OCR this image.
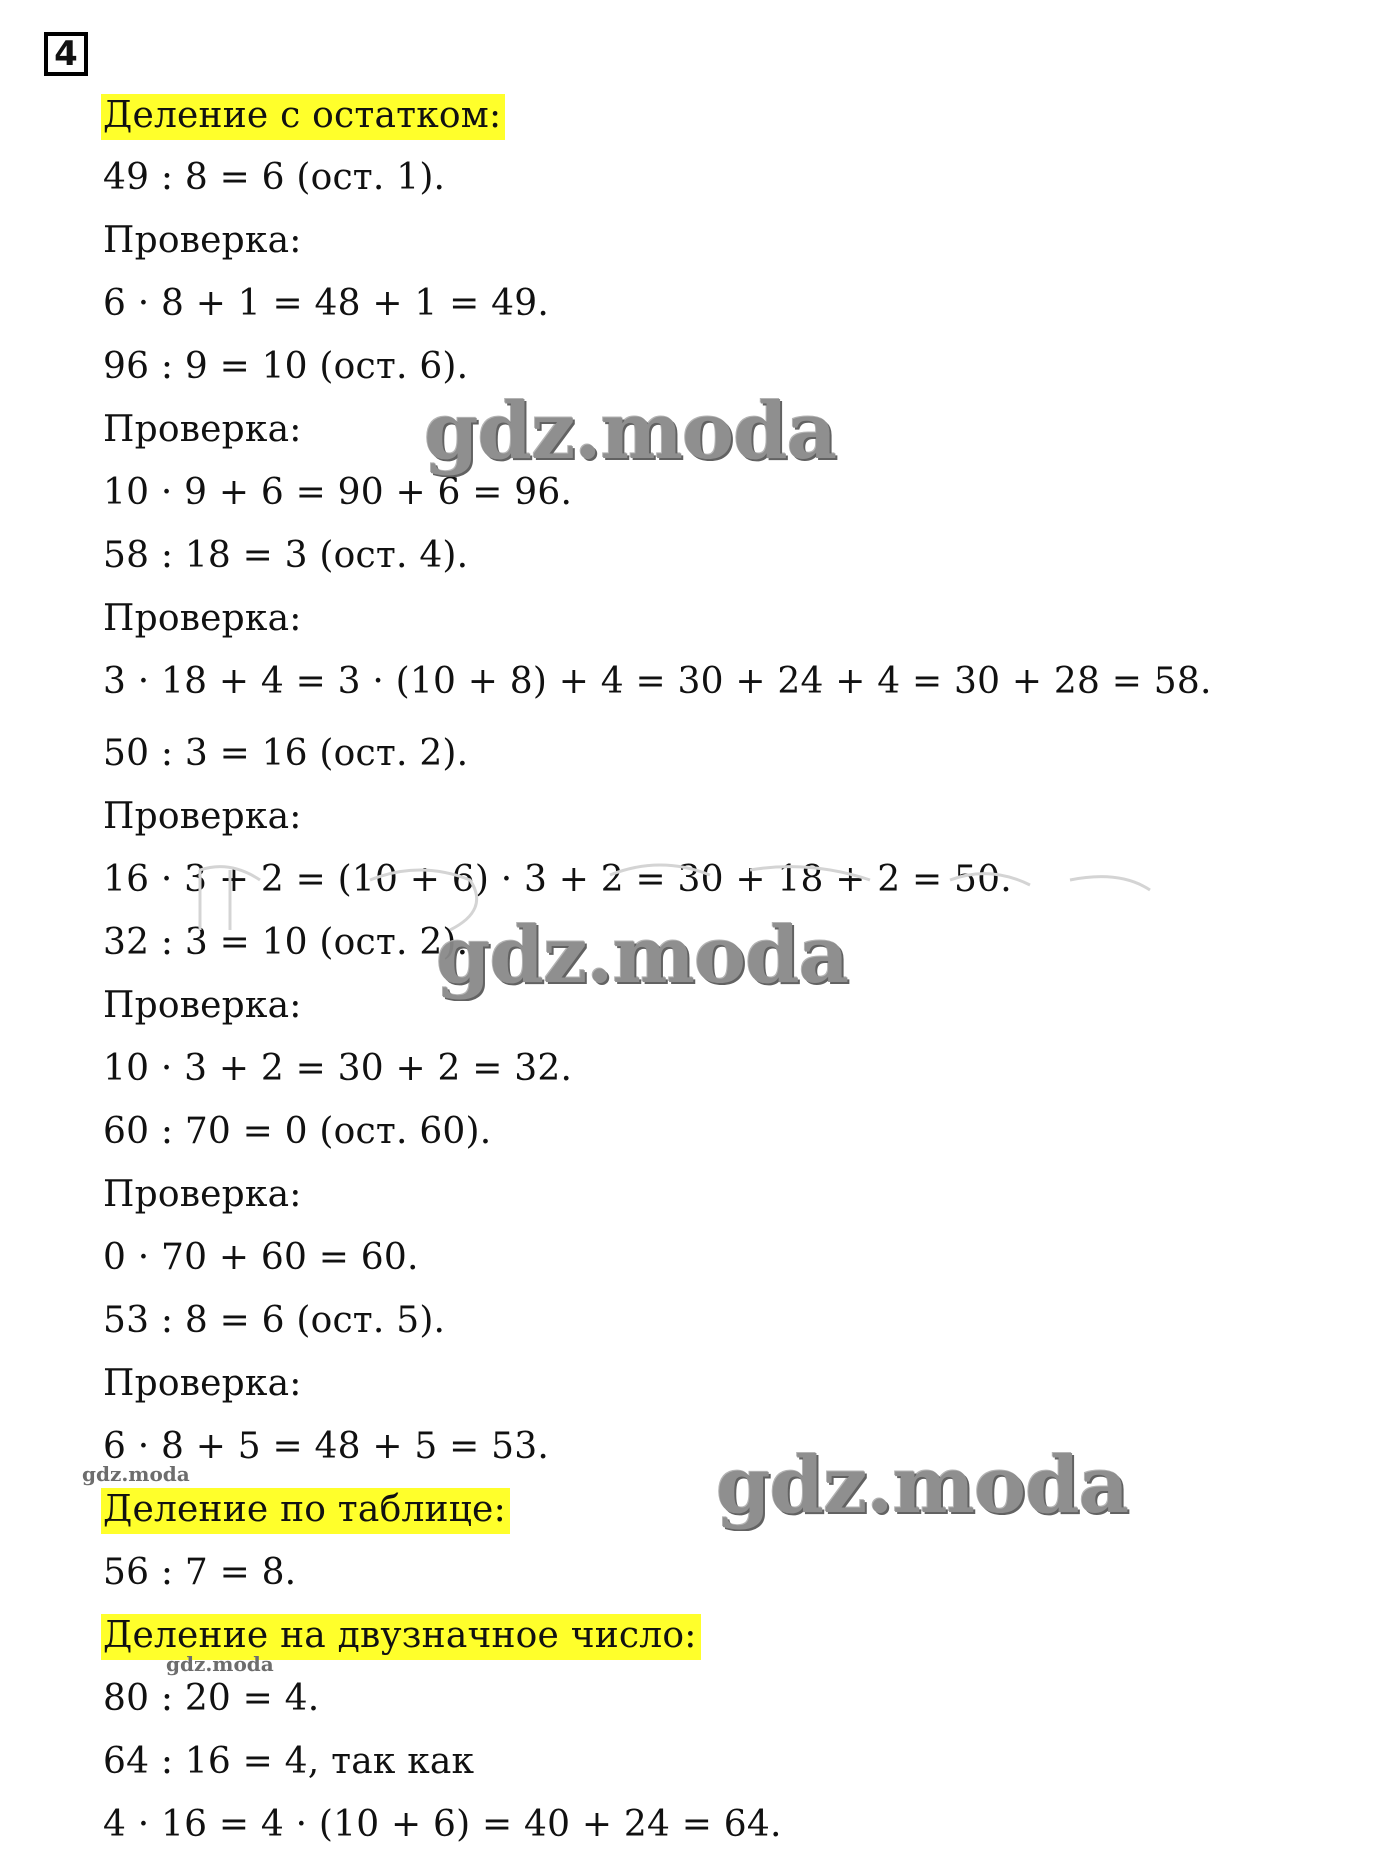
4
Деление с остатком:
49 : 8 = 6 (ост. 1).
Проверка:
6 · 8 + 1 = 48 + 1 = 49.
96 : 9 = 10 (ост. 6).
Проверка:
10 · 9 + 6 = 90 + 6 = 96.
58 : 18 = 3 (ост. 4).
Проверка:
3 · 18 + 4 = 3 · (10 + 8) + 4 = 30 + 24 + 4 = 30 + 28 = 58.
50 : 3 = 16 (ост. 2).
Проверка:
16 · 3 + 2 = (10 + 6) · 3 + 2 = 30 + 18 + 2 = 50.
32 : 3 = 10 (ост. 2).
Проверка:
10 · 3 + 2 = 30 + 2 = 32.
60 : 70 = 0 (ост. 60).
Проверка:
0 · 70 + 60 = 60.
53 : 8 = 6 (ост. 5).
Проверка:
6 · 8 + 5 = 48 + 5 = 53.
Деление по таблице:
56 : 7 = 8.
Деление на двузначное число:
80 : 20 = 4.
64 : 16 = 4, так как
4 · 16 = 4 · (10 + 6) = 40 + 24 = 64.
gdz.moda
gdz.moda
gdz.moda
gdz.moda
gdz.moda
